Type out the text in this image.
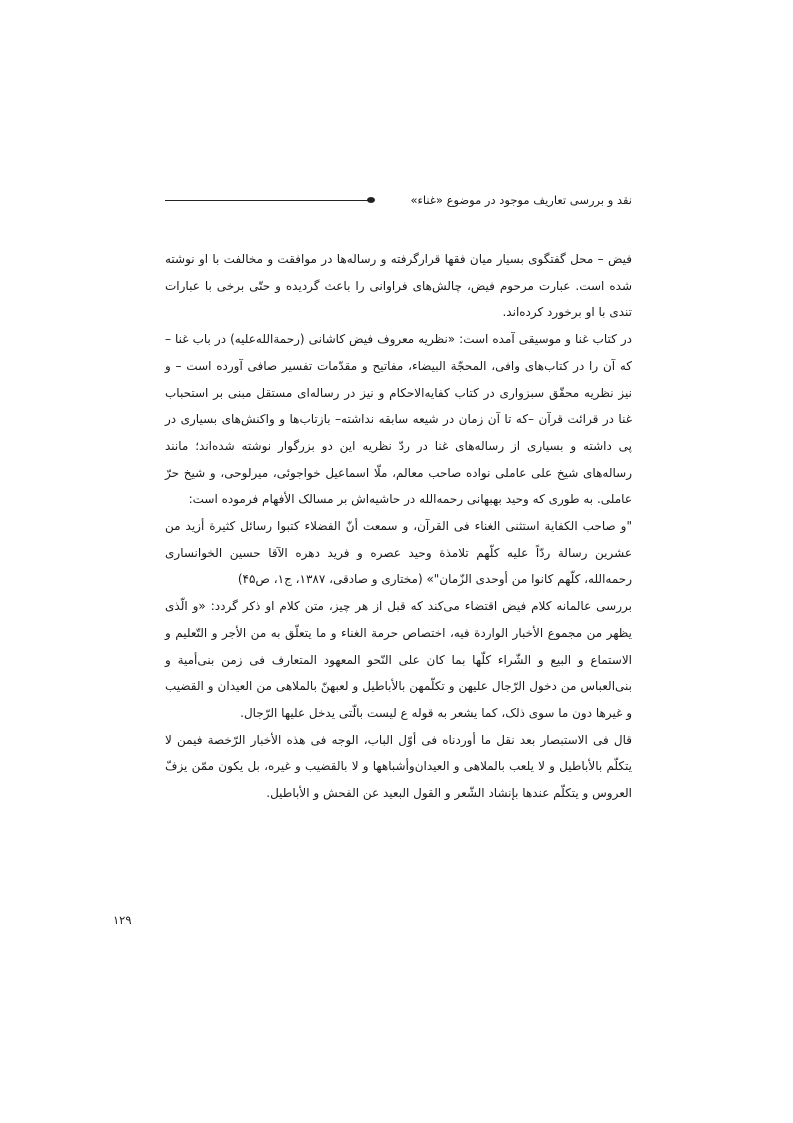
نقد و بررسی تعاریف موجود در موضوع «غناء»

فیض – محل گفتگوی بسیار میان فقها قرارگرفته و رساله‌ها در موافقت و مخالفت با او نوشته شده است. عبارت مرحوم فیض، چالش‌های فراوانی را باعث گردیده و حتّی برخی با عبارات تندی با او برخورد کرده‌اند.

در کتاب غنا و موسیقی آمده است: «نظریه معروف فیض کاشانی (رحمة‌الله‌علیه) در باب غنا –که آن را در کتاب‌های وافی، المحجّة البیضاء، مفاتیح و مقدّمات تفسیر صافی آورده است – و نیز نظریه محقّق سبزواری در کتاب کفایه‌الاحکام و نیز در رساله‌ای مستقل مبنی بر استحباب غنا در قرائت قرآن –که تا آن زمان در شیعه سابقه نداشته– بازتاب‌ها و واکنش‌های بسیاری در پی داشته و بسیاری از رساله‌های غنا در ردّ نظریه این دو بزرگوار نوشته شده‌اند؛ مانند رساله‌های شیخ علی عاملی نواده صاحب معالم، ملّا اسماعیل خواجوئی، میرلوحی، و شیخ حرّ عاملی. به طوری که وحید بهبهانی رحمه‌الله در حاشیه‌اش بر مسالک الأفهام فرموده است:

"و صاحب الکفایة استثنی الغناء فی القرآن، و سمعت أنّ الفضلاء کتبوا رسائل کثیرة أزید من عشرین رسالة ردّاً علیه کلّهم تلامذة وحید عصره و فرید دهره الآقا حسین الخوانساری رحمه‌الله، کلّهم کانوا من أوحدی الزّمان"» (مختاری و صادقی، ۱۳۸۷، ج۱، ص۴۵)

بررسی عالمانه کلام فیض اقتضاء می‌کند که قبل از هر چیز، متن کلام او ذکر گردد: «و الّذی یظهر من مجموع الأخبار الواردة فیه، اختصاص حرمة الغناء و ما یتعلّق به من الأجر و التّعلیم و الاستماع و البیع و الشّراء کلّها بما کان علی النّحو المعهود المتعارف فی زمن بنی‌أمیة و بنی‌العباس من دخول الرّجال علیهن و تکلّمهن بالأباطیل و لعبهنّ بالملاهی من العیدان و القضیب و غیرها دون ما سوی ذلک، کما یشعر به قوله ع لیست بالّتی یدخل علیها الرّجال.

قال فی الاستبصار بعد نقل ما أوردناه فی أوّل الباب، الوجه فی هذه الأخبار الرّخصة فیمن لا یتکلّم بالأباطیل و لا یلعب بالملاهی و العیدان‌وأشباهها و لا بالقضیب و غیره، بل یکون ممّن یزفّ العروس و یتکلّم عندها بإنشاد الشّعر و القول البعید عن الفحش و الأباطیل.

۱۲۹
